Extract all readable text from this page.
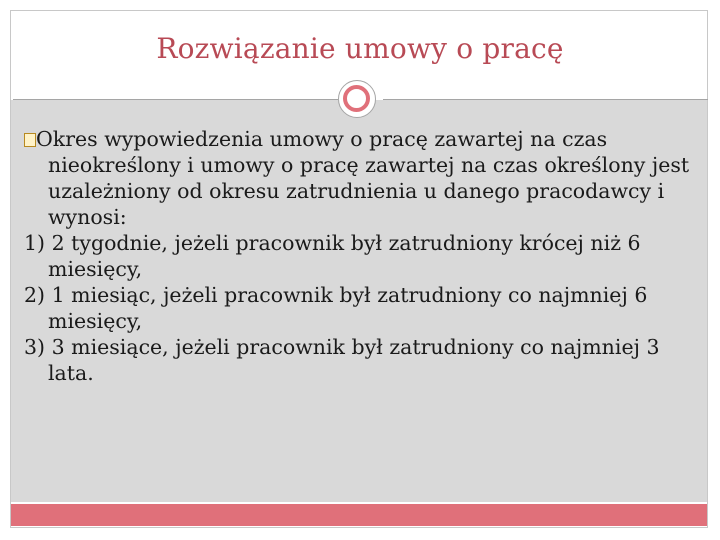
Rozwiązanie umowy o pracę

Okres wypowiedzenia umowy o pracę zawartej na czas nieokreślony i umowy o pracę zawartej na czas określony jest uzależniony od okresu zatrudnienia u danego pracodawcy i wynosi:

1) 2 tygodnie, jeżeli pracownik był zatrudniony krócej niż 6 miesięcy,

2) 1 miesiąc, jeżeli pracownik był zatrudniony co najmniej 6 miesięcy,

3) 3 miesiące, jeżeli pracownik był zatrudniony co najmniej 3 lata.
